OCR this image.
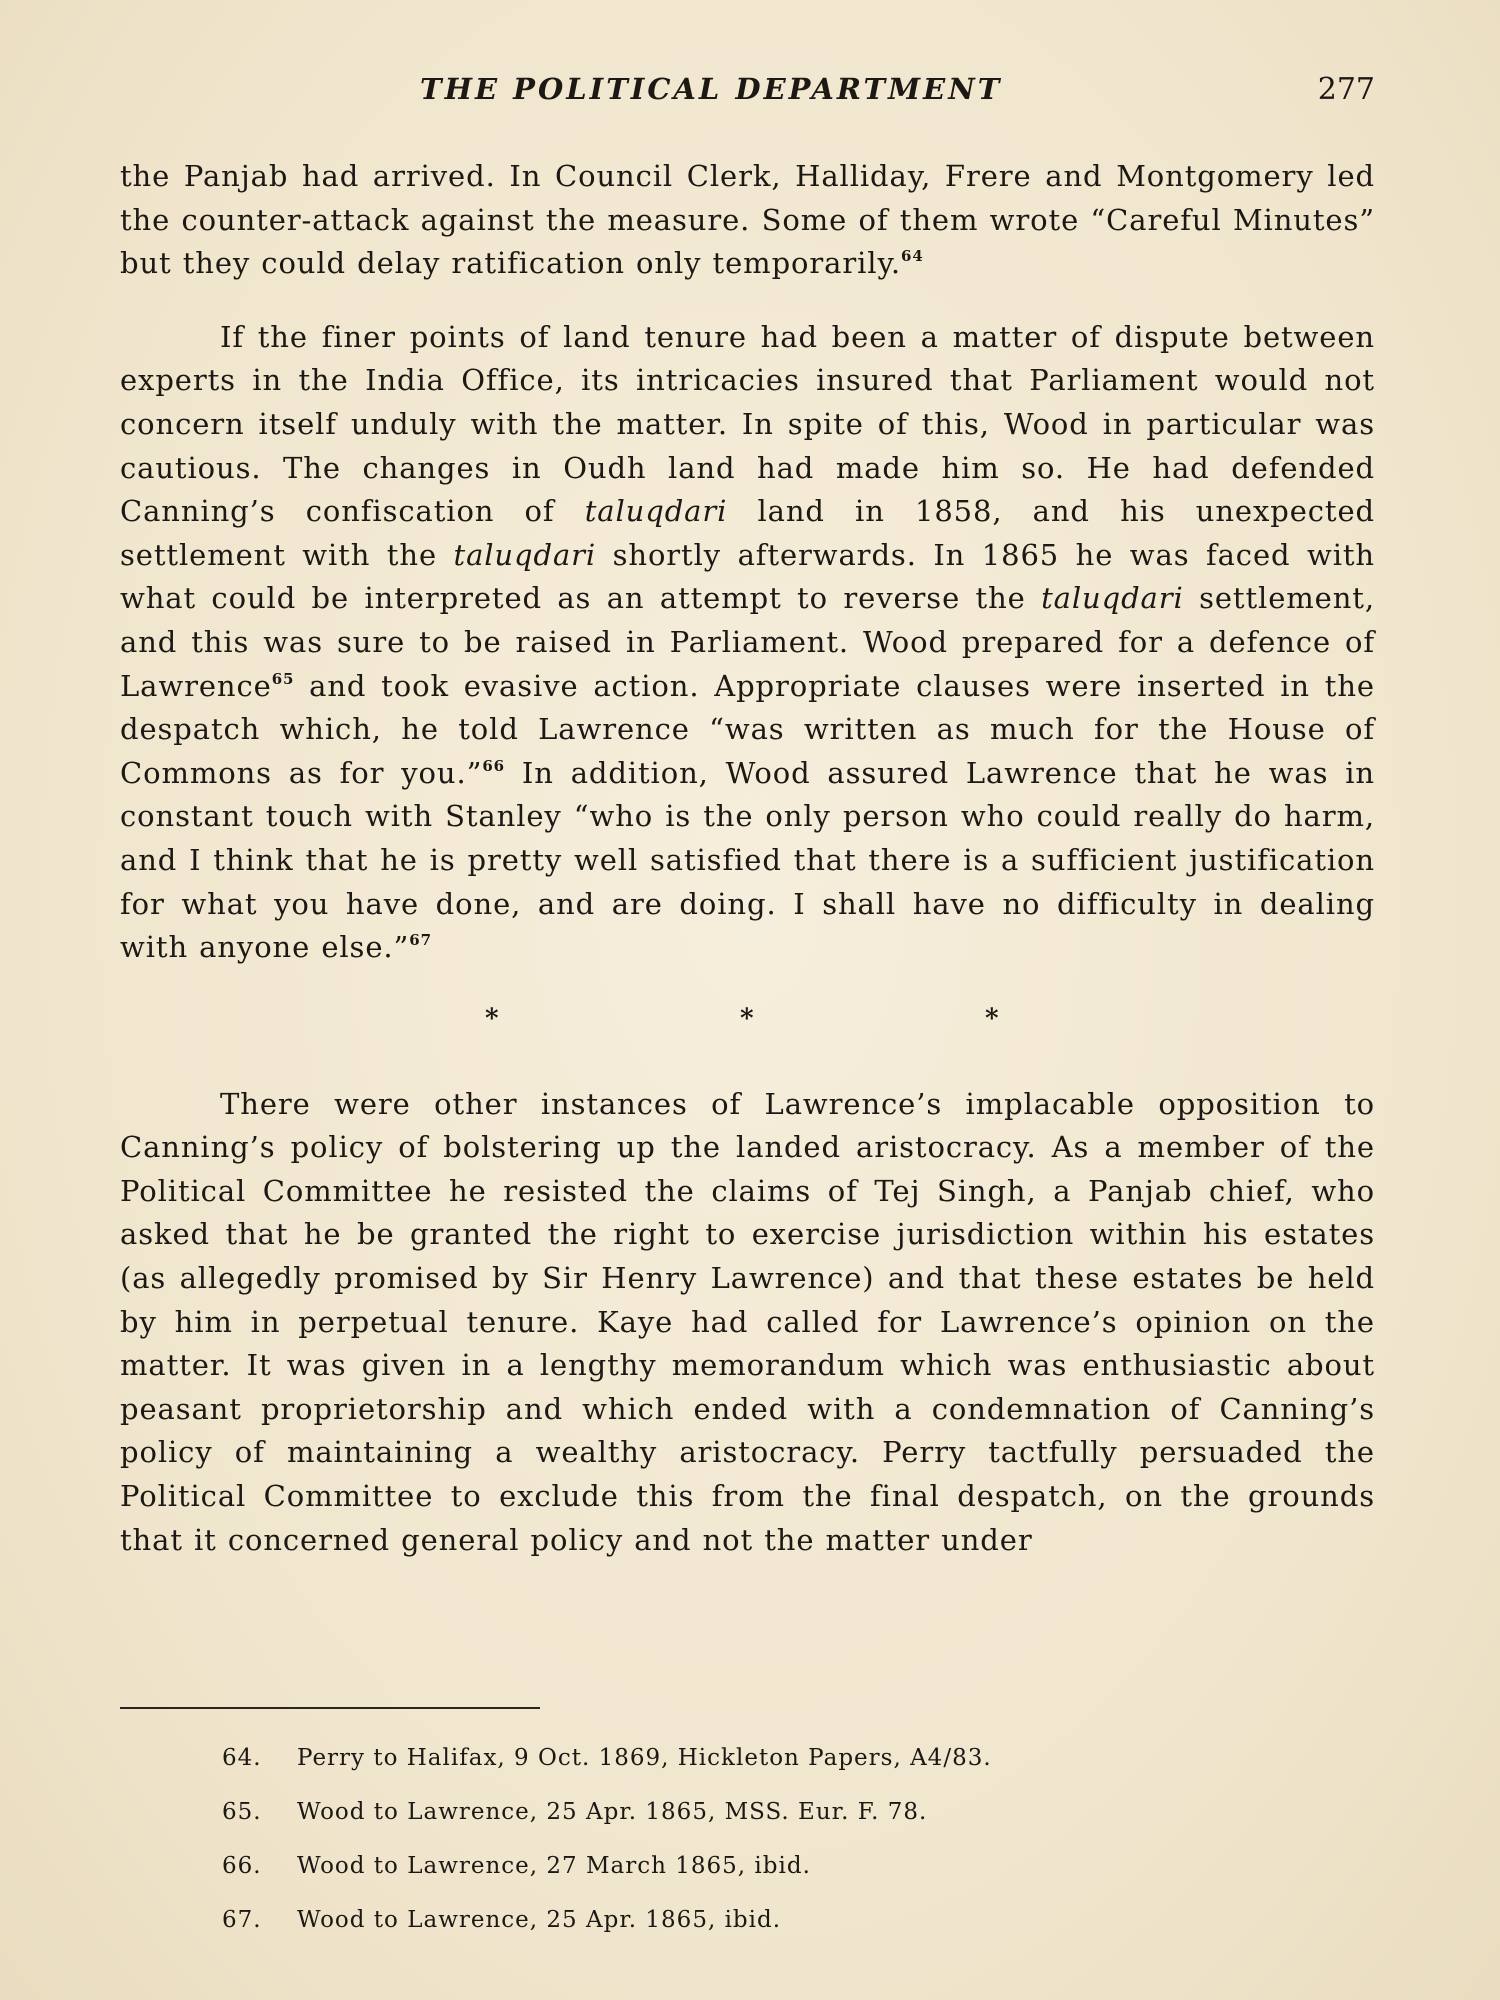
THE POLITICAL DEPARTMENT	277

the Panjab had arrived. In Council Clerk, Halliday, Frere and Montgomery led the counter-attack against the measure. Some of them wrote “Careful Minutes” but they could delay ratification only temporarily.$^{64}$

If the finer points of land tenure had been a matter of dispute between experts in the India Office, its intricacies insured that Parliament would not concern itself unduly with the matter. In spite of this, Wood in particular was cautious. The changes in Oudh land had made him so. He had defended Canning’s confiscation of taluqdari land in 1858, and his unexpected settlement with the taluqdari shortly afterwards. In 1865 he was faced with what could be interpreted as an attempt to reverse the taluqdari settlement, and this was sure to be raised in Parliament. Wood prepared for a defence of Lawrence$^{65}$ and took evasive action. Appropriate clauses were inserted in the despatch which, he told Lawrence “was written as much for the House of Commons as for you.”$^{66}$ In addition, Wood assured Lawrence that he was in constant touch with Stanley “who is the only person who could really do harm, and I think that he is pretty well satisfied that there is a sufficient justification for what you have done, and are doing. I shall have no difficulty in dealing with anyone else.”$^{67}$

*	*	*

There were other instances of Lawrence’s implacable opposition to Canning’s policy of bolstering up the landed aristocracy. As a member of the Political Committee he resisted the claims of Tej Singh, a Panjab chief, who asked that he be granted the right to exercise jurisdiction within his estates (as allegedly promised by Sir Henry Lawrence) and that these estates be held by him in perpetual tenure. Kaye had called for Lawrence’s opinion on the matter. It was given in a lengthy memorandum which was enthusiastic about peasant proprietorship and which ended with a condemnation of Canning’s policy of maintaining a wealthy aristocracy. Perry tactfully persuaded the Political Committee to exclude this from the final despatch, on the grounds that it concerned general policy and not the matter under

64. Perry to Halifax, 9 Oct. 1869, Hickleton Papers, A4/83.
65. Wood to Lawrence, 25 Apr. 1865, MSS. Eur. F. 78.
66. Wood to Lawrence, 27 March 1865, ibid.
67. Wood to Lawrence, 25 Apr. 1865, ibid.
